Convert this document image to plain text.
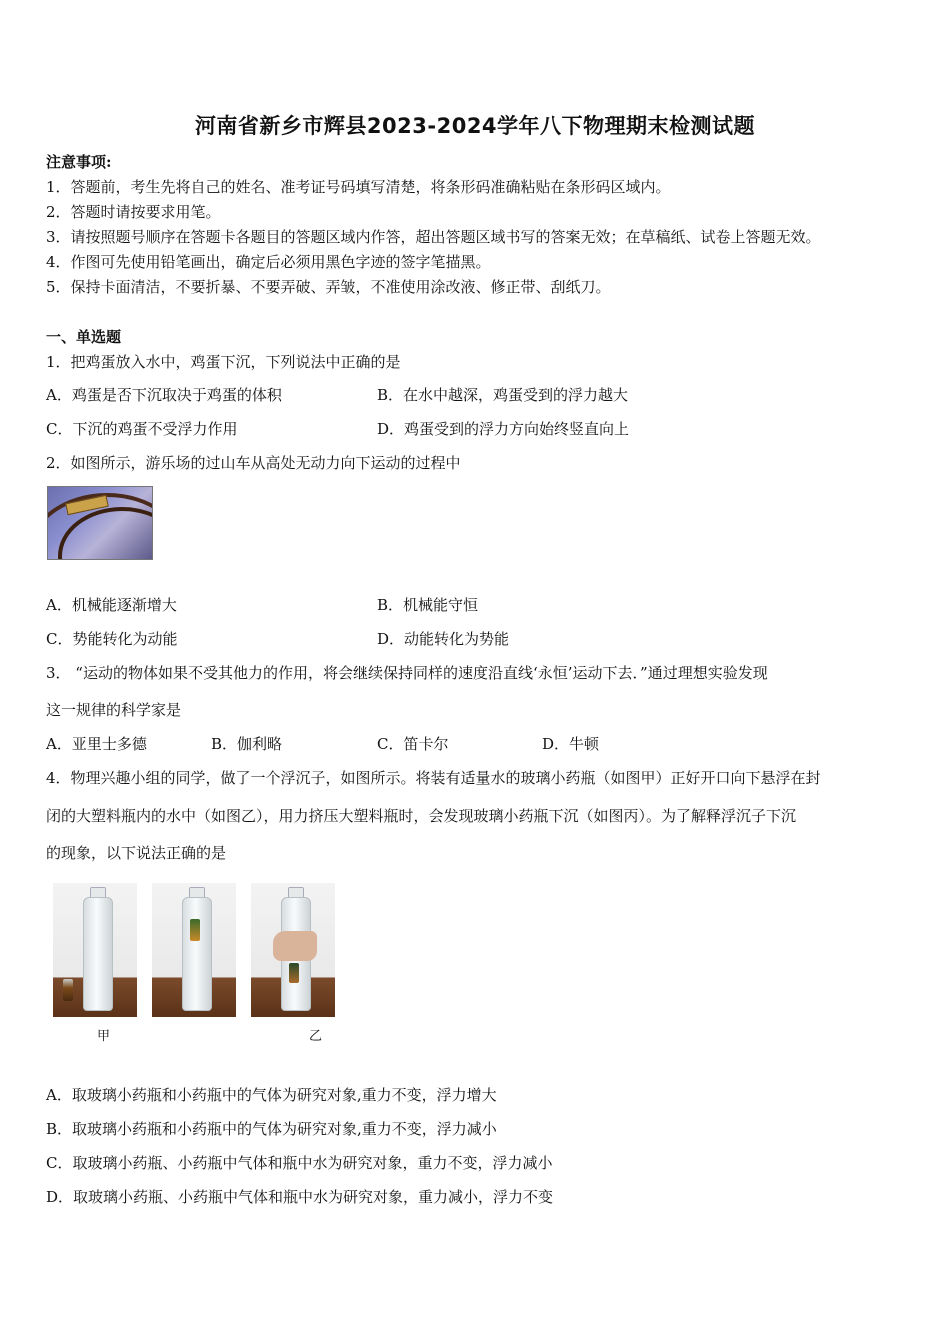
河南省新乡市辉县2023-2024学年八下物理期末检测试题
注意事项:
1．答题前，考生先将自己的姓名、准考证号码填写清楚，将条形码准确粘贴在条形码区域内。
2．答题时请按要求用笔。
3．请按照题号顺序在答题卡各题目的答题区域内作答，超出答题区域书写的答案无效；在草稿纸、试卷上答题无效。
4．作图可先使用铅笔画出，确定后必须用黑色字迹的签字笔描黑。
5．保持卡面清洁，不要折暴、不要弄破、弄皱，不准使用涂改液、修正带、刮纸刀。
一、单选题
1．把鸡蛋放入水中，鸡蛋下沉，下列说法中正确的是
A．鸡蛋是否下沉取决于鸡蛋的体积	B．在水中越深，鸡蛋受到的浮力越大
C．下沉的鸡蛋不受浮力作用	D．鸡蛋受到的浮力方向始终竖直向上
2．如图所示，游乐场的过山车从高处无动力向下运动的过程中
A．机械能逐渐增大	B．机械能守恒
C．势能转化为动能	D．动能转化为势能
3． “运动的物体如果不受其他力的作用，将会继续保持同样的速度沿直线‘永恒’运动下去．”通过理想实验发现
这一规律的科学家是
A．亚里士多德	B．伽利略	C．笛卡尔	D．牛顿
4．物理兴趣小组的同学，做了一个浮沉子，如图所示。将装有适量水的玻璃小药瓶（如图甲）正好开口向下悬浮在封
闭的大塑料瓶内的水中（如图乙），用力挤压大塑料瓶时，会发现玻璃小药瓶下沉（如图丙）。为了解释浮沉子下沉
的现象，以下说法正确的是
甲	乙
A．取玻璃小药瓶和小药瓶中的气体为研究对象,重力不变，浮力增大
B．取玻璃小药瓶和小药瓶中的气体为研究对象,重力不变，浮力减小
C．取玻璃小药瓶、小药瓶中气体和瓶中水为研究对象，重力不变，浮力减小
D．取玻璃小药瓶、小药瓶中气体和瓶中水为研究对象，重力减小，浮力不变
